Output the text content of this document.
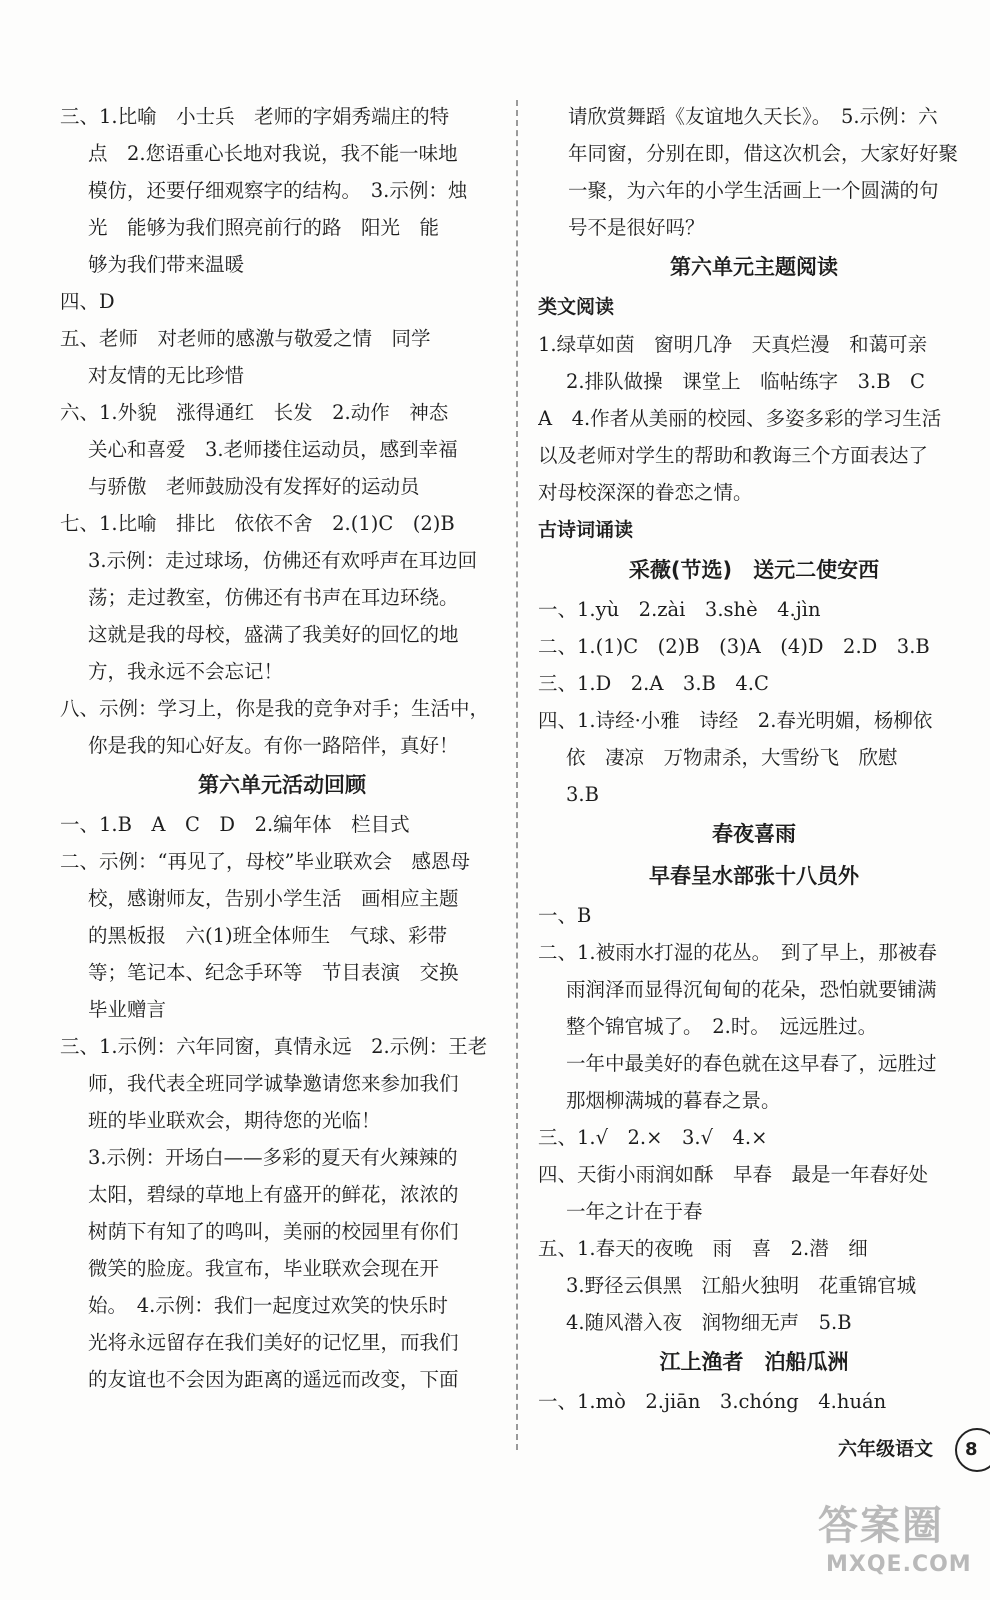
三、1.比喻　小士兵　老师的字娟秀端庄的特
点　2.您语重心长地对我说，我不能一味地
模仿，还要仔细观察字的结构。　3.示例：烛
光　能够为我们照亮前行的路　阳光　能
够为我们带来温暖
四、D
五、老师　对老师的感激与敬爱之情　同学
对友情的无比珍惜
六、1.外貌　涨得通红　长发　2.动作　神态
关心和喜爱　3.老师搂住运动员，感到幸福
与骄傲　老师鼓励没有发挥好的运动员
七、1.比喻　排比　依依不舍　2.(1)C　(2)B
3.示例：走过球场，仿佛还有欢呼声在耳边回
荡；走过教室，仿佛还有书声在耳边环绕。
这就是我的母校，盛满了我美好的回忆的地
方，我永远不会忘记！
八、示例：学习上，你是我的竞争对手；生活中，
你是我的知心好友。有你一路陪伴，真好！
第六单元活动回顾
一、1.B　A　C　D　2.编年体　栏目式
二、示例：“再见了，母校”毕业联欢会　感恩母
校，感谢师友，告别小学生活　画相应主题
的黑板报　六(1)班全体师生　气球、彩带
等；笔记本、纪念手环等　节目表演　交换
毕业赠言
三、1.示例：六年同窗，真情永远　2.示例：王老
师，我代表全班同学诚挚邀请您来参加我们
班的毕业联欢会，期待您的光临！
3.示例：开场白——多彩的夏天有火辣辣的
太阳，碧绿的草地上有盛开的鲜花，浓浓的
树荫下有知了的鸣叫，美丽的校园里有你们
微笑的脸庞。我宣布，毕业联欢会现在开
始。　4.示例：我们一起度过欢笑的快乐时
光将永远留存在我们美好的记忆里，而我们
的友谊也不会因为距离的遥远而改变，下面
请欣赏舞蹈《友谊地久天长》。　5.示例：六
年同窗，分别在即，借这次机会，大家好好聚
一聚，为六年的小学生活画上一个圆满的句
号不是很好吗？
第六单元主题阅读
类文阅读
1.绿草如茵　窗明几净　天真烂漫　和蔼可亲
2.排队做操　课堂上　临帖练字　3.B　C
A　4.作者从美丽的校园、多姿多彩的学习生活
以及老师对学生的帮助和教诲三个方面表达了
对母校深深的眷恋之情。
古诗词诵读
采薇(节选)　送元二使安西
一、1.yù　2.zài　3.shè　4.jìn
二、1.(1)C　(2)B　(3)A　(4)D　2.D　3.B
三、1.D　2.A　3.B　4.C
四、1.诗经·小雅　诗经　2.春光明媚，杨柳依
依　凄凉　万物肃杀，大雪纷飞　欣慰
3.B
春夜喜雨
早春呈水部张十八员外
一、B
二、1.被雨水打湿的花丛。　到了早上，那被春
雨润泽而显得沉甸甸的花朵，恐怕就要铺满
整个锦官城了。　2.时。　远远胜过。
一年中最美好的春色就在这早春了，远胜过
那烟柳满城的暮春之景。
三、1.√　2.×　3.√　4.×
四、天街小雨润如酥　早春　最是一年春好处
一年之计在于春
五、1.春天的夜晚　雨　喜　2.潜　细
3.野径云俱黑　江船火独明　花重锦官城
4.随风潜入夜　润物细无声　5.B
江上渔者　泊船瓜洲
一、1.mò　2.jiān　3.chóng　4.huán
六年级语文	8
答案圈
MXQE.COM
